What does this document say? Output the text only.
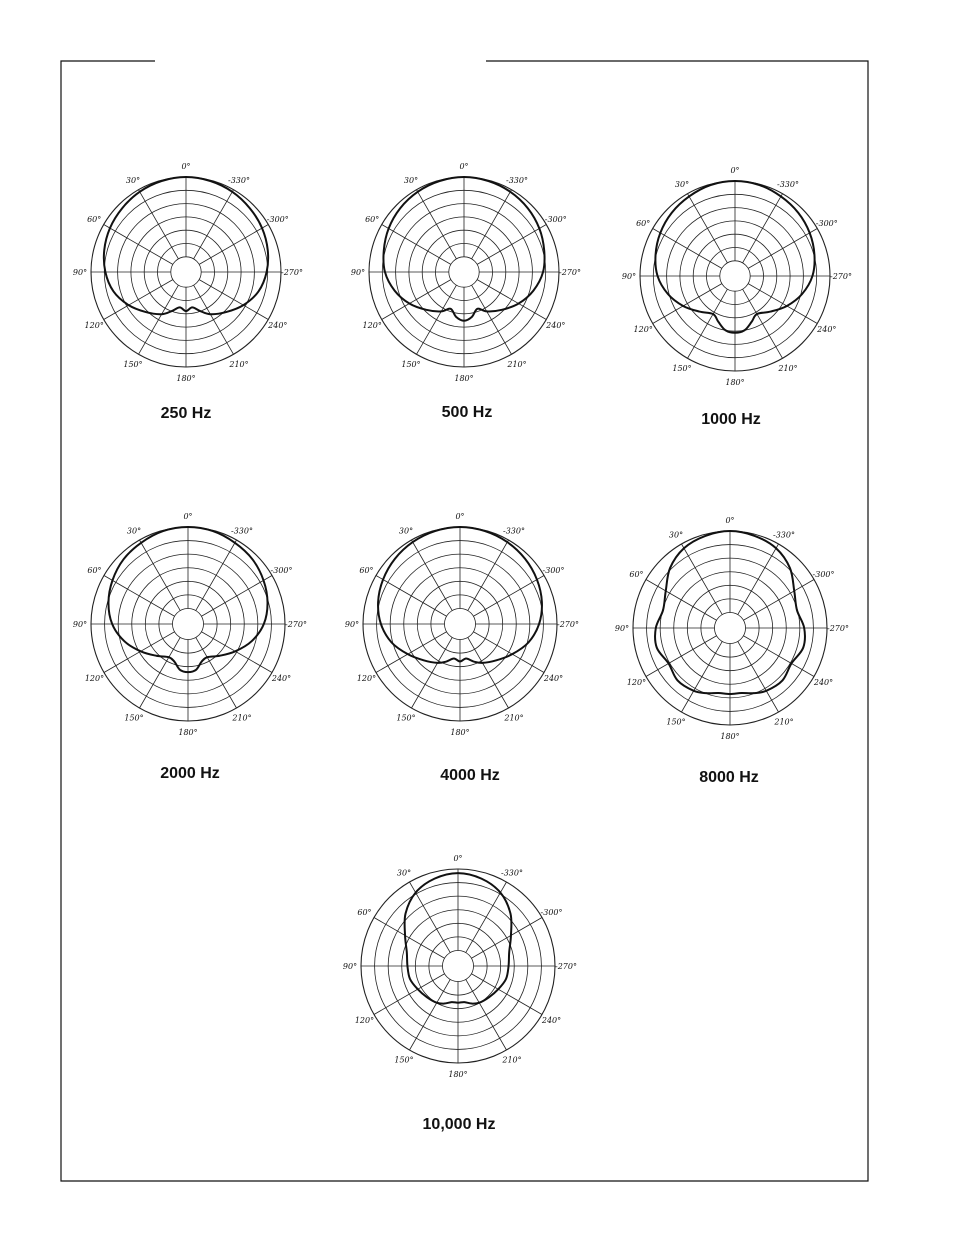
0°
-330°
-300°
-270°
240°
210°
180°
150°
120°
90°
60°
30°
250 Hz
0°
-330°
-300°
-270°
240°
210°
180°
150°
120°
90°
60°
30°
500 Hz
0°
-330°
-300°
-270°
240°
210°
180°
150°
120°
90°
60°
30°
1000 Hz
0°
-330°
-300°
-270°
240°
210°
180°
150°
120°
90°
60°
30°
2000 Hz
0°
-330°
-300°
-270°
240°
210°
180°
150°
120°
90°
60°
30°
4000 Hz
0°
-330°
-300°
-270°
240°
210°
180°
150°
120°
90°
60°
30°
8000 Hz
0°
-330°
-300°
-270°
240°
210°
180°
150°
120°
90°
60°
30°
10,000 Hz
